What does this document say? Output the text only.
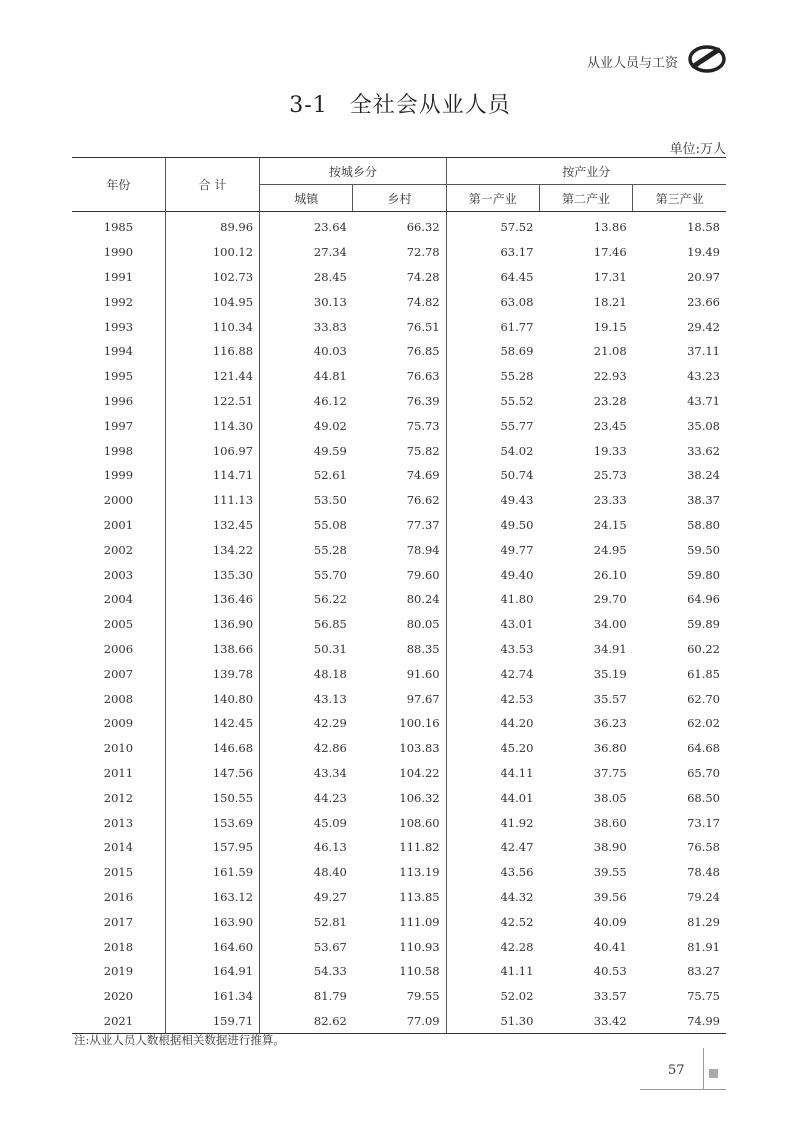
从业人员与工资
3-1 全社会从业人员
单位:万人
年份	合 计	按城乡分		按产业分		
		城镇	乡村	第一产业	第二产业	第三产业
1985	89.96	23.64	66.32	57.52	13.86	18.58
1990	100.12	27.34	72.78	63.17	17.46	19.49
1991	102.73	28.45	74.28	64.45	17.31	20.97
1992	104.95	30.13	74.82	63.08	18.21	23.66
1993	110.34	33.83	76.51	61.77	19.15	29.42
1994	116.88	40.03	76.85	58.69	21.08	37.11
1995	121.44	44.81	76.63	55.28	22.93	43.23
1996	122.51	46.12	76.39	55.52	23.28	43.71
1997	114.30	49.02	75.73	55.77	23.45	35.08
1998	106.97	49.59	75.82	54.02	19.33	33.62
1999	114.71	52.61	74.69	50.74	25.73	38.24
2000	111.13	53.50	76.62	49.43	23.33	38.37
2001	132.45	55.08	77.37	49.50	24.15	58.80
2002	134.22	55.28	78.94	49.77	24.95	59.50
2003	135.30	55.70	79.60	49.40	26.10	59.80
2004	136.46	56.22	80.24	41.80	29.70	64.96
2005	136.90	56.85	80.05	43.01	34.00	59.89
2006	138.66	50.31	88.35	43.53	34.91	60.22
2007	139.78	48.18	91.60	42.74	35.19	61.85
2008	140.80	43.13	97.67	42.53	35.57	62.70
2009	142.45	42.29	100.16	44.20	36.23	62.02
2010	146.68	42.86	103.83	45.20	36.80	64.68
2011	147.56	43.34	104.22	44.11	37.75	65.70
2012	150.55	44.23	106.32	44.01	38.05	68.50
2013	153.69	45.09	108.60	41.92	38.60	73.17
2014	157.95	46.13	111.82	42.47	38.90	76.58
2015	161.59	48.40	113.19	43.56	39.55	78.48
2016	163.12	49.27	113.85	44.32	39.56	79.24
2017	163.90	52.81	111.09	42.52	40.09	81.29
2018	164.60	53.67	110.93	42.28	40.41	81.91
2019	164.91	54.33	110.58	41.11	40.53	83.27
2020	161.34	81.79	79.55	52.02	33.57	75.75
2021	159.71	82.62	77.09	51.30	33.42	74.99
注:从业人员人数根据相关数据进行推算。
57
